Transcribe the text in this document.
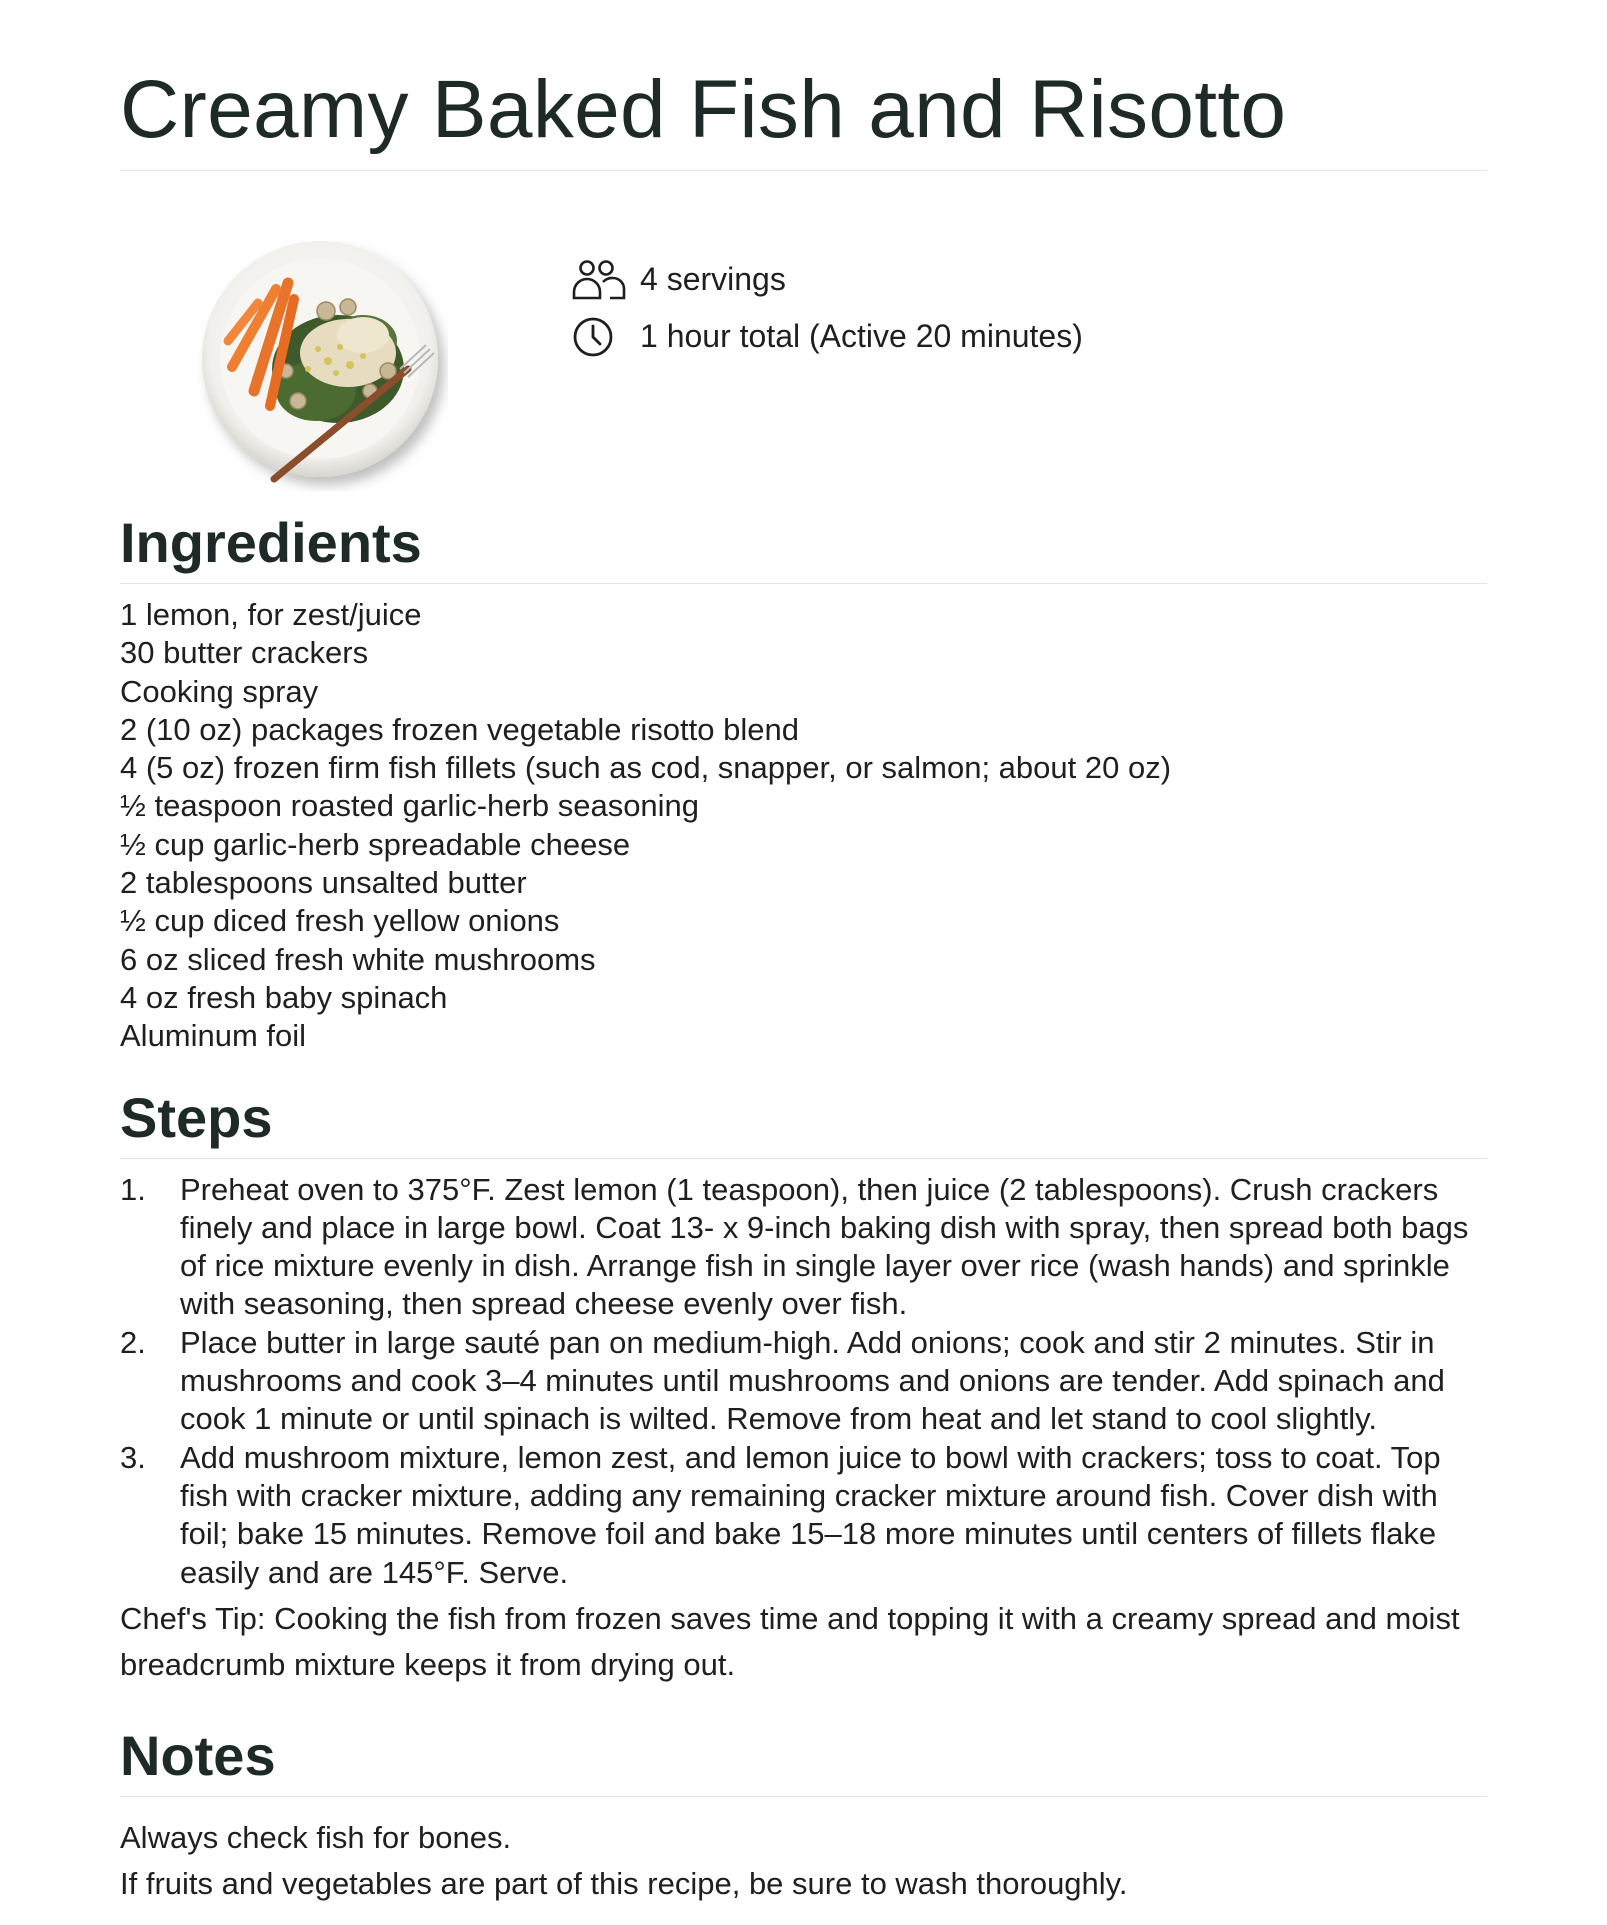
Creamy Baked Fish and Risotto
4 servings
1 hour total (Active 20 minutes)
Ingredients
1 lemon, for zest/juice
30 butter crackers
Cooking spray
2 (10 oz) packages frozen vegetable risotto blend
4 (5 oz) frozen firm fish fillets (such as cod, snapper, or salmon; about 20 oz)
½ teaspoon roasted garlic-herb seasoning
½ cup garlic-herb spreadable cheese
2 tablespoons unsalted butter
½ cup diced fresh yellow onions
6 oz sliced fresh white mushrooms
4 oz fresh baby spinach
Aluminum foil
Steps
1. Preheat oven to 375°F. Zest lemon (1 teaspoon), then juice (2 tablespoons). Crush crackers finely and place in large bowl. Coat 13- x 9-inch baking dish with spray, then spread both bags of rice mixture evenly in dish. Arrange fish in single layer over rice (wash hands) and sprinkle with seasoning, then spread cheese evenly over fish.
2. Place butter in large sauté pan on medium-high. Add onions; cook and stir 2 minutes. Stir in mushrooms and cook 3–4 minutes until mushrooms and onions are tender. Add spinach and cook 1 minute or until spinach is wilted. Remove from heat and let stand to cool slightly.
3. Add mushroom mixture, lemon zest, and lemon juice to bowl with crackers; toss to coat. Top fish with cracker mixture, adding any remaining cracker mixture around fish. Cover dish with foil; bake 15 minutes. Remove foil and bake 15–18 more minutes until centers of fillets flake easily and are 145°F. Serve.

Chef's Tip: Cooking the fish from frozen saves time and topping it with a creamy spread and moist breadcrumb mixture keeps it from drying out.

Notes
Always check fish for bones.
If fruits and vegetables are part of this recipe, be sure to wash thoroughly.
